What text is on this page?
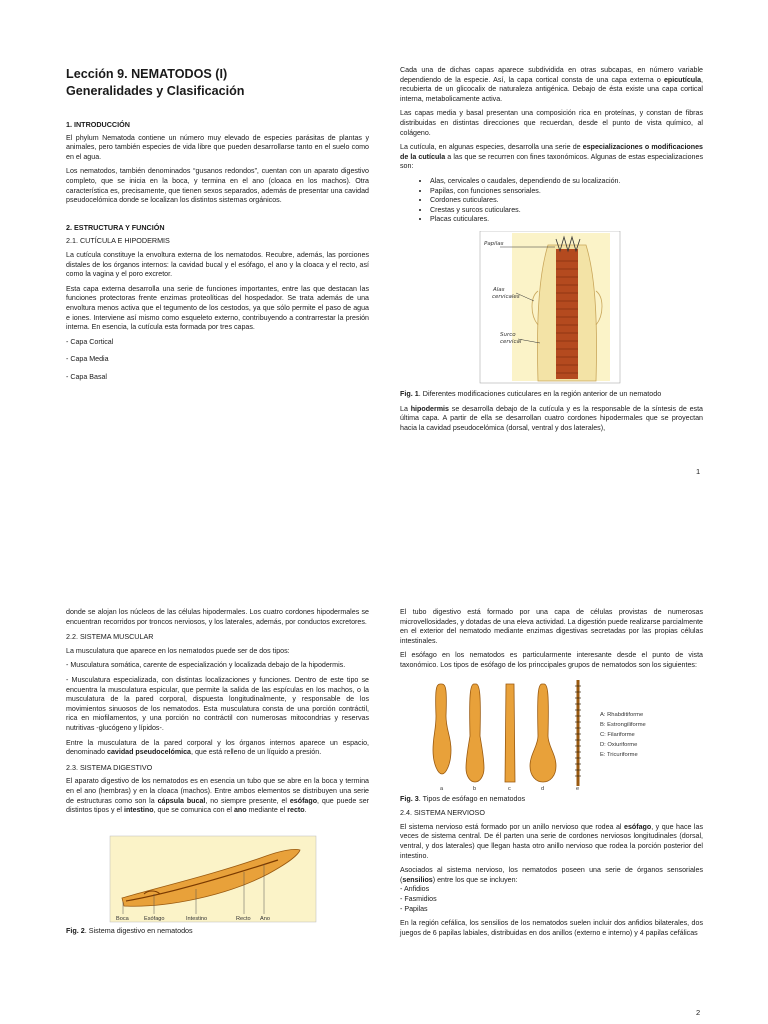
Lección 9. NEMATODOS (I)
Generalidades y Clasificación
1. INTRODUCCIÓN

El phylum Nematoda contiene un número muy elevado de especies parásitas de plantas y animales, pero también especies de vida libre que pueden desarrollarse tanto en el suelo como en el agua.

Los nematodos, también denominados “gusanos redondos”, cuentan con un aparato digestivo completo, que se inicia en la boca, y termina en el ano (cloaca en los machos). Otra característica es, precisamente, que tienen sexos separados, además de presentar una cavidad pseudocelómica donde se localizan los distintos sistemas orgánicos.

2. ESTRUCTURA Y FUNCIÓN
2.1. CUTÍCULA E HIPODERMIS

La cutícula constituye la envoltura externa de los nematodos. Recubre, además, las porciones distales de los órganos internos: la cavidad bucal y el esófago, el ano y la cloaca y el recto, así como la vagina y el poro excretor.

Esta capa externa desarrolla una serie de funciones importantes, entre las que destacan las funciones protectoras frente enzimas proteolíticas del hospedador. Se trata además de una envoltura menos activa que el tegumento de los cestodos, ya que sólo permite el paso de agua e iones. Interviene así mismo como esqueleto externo, contribuyendo a contrarrestar la presión interna. En esencia, la cutícula esta formada por tres capas.

- Capa Cortical

- Capa Media

- Capa Basal

Cada una de dichas capas aparece subdividida en otras subcapas, en número variable dependiendo de la especie. Así, la capa cortical consta de una capa externa o epicutícula, recubierta de un glicocalix de naturaleza antigénica. Debajo de ésta existe una capa cortical interna, metabolicamente activa.

Las capas media y basal presentan una composición rica en proteínas, y constan de fibras distribuidas en distintas direcciones que recuerdan, desde el punto de vista químico, al colágeno.

La cutícula, en algunas especies, desarrolla una serie de especializaciones o modificaciones de la cutícula a las que se recurren con fines taxonómicos. Algunas de estas especializaciones son:

• Alas, cervicales o caudales, dependiendo de su localización.
• Papilas, con funciones sensoriales.
• Cordones cuticulares.
• Crestas y surcos cuticulares.
• Placas cuticulares.
Papilas
Alas
cervicales
Surco
cervical

Fig. 1. Diferentes modificaciones cuticulares en la región anterior de un nematodo

La hipodermis se desarrolla debajo de la cutícula y es la responsable de la síntesis de esta última capa. A partir de ella se desarrollan cuatro cordones hipodermales que se proyectan hacia la cavidad pseudocelómica (dorsal, ventral y dos laterales),

1

donde se alojan los núcleos de las células hipodermales. Los cuatro cordones hipodermales se encuentran recorridos por troncos nerviosos, y los laterales, además, por conductos excretores.

2.2. SISTEMA MUSCULAR

La musculatura que aparece en los nematodos puede ser de dos tipos:

- Musculatura somática, carente de especialización y localizada debajo de la hipodermis.

- Musculatura especializada, con distintas localizaciones y funciones. Dentro de este tipo se encuentra la musculatura espicular, que permite la salida de las espículas en los machos, o la musculatura de la pared corporal, dispuesta longitudinalmente, y responsable de los movimientos sinuosos de los nematodos. Esta musculatura consta de una porción contráctil, rica en miofilamentos, y una porción no contráctil con numerosas mitocondrias y reservas nutritivas -glucógeno y lípidos-.

Entre la musculatura de la pared corporal y los órganos internos aparece un espacio, denominado cavidad pseudocelómica, que está relleno de un líquido a presión.

2.3. SISTEMA DIGESTIVO

El aparato digestivo de los nematodos es en esencia un tubo que se abre en la boca y termina en el ano (hembras) y en la cloaca (machos). Entre ambos elementos se distribuyen una serie de estructuras como son la cápsula bucal, no siempre presente, el esófago, que puede ser distintos tipos y el intestino, que se comunica con el ano mediante el recto.

Boca	Esófago	Intestino	Recto Ano

Fig. 2. Sistema digestivo en nematodos

El tubo digestivo está formado por una capa de células provistas de numerosas microvellosidades, y dotadas de una eleva actividad. La digestión puede realizarse parcialmente en el exterior del nematodo mediante enzimas digestivas secretadas por las propias células intestinales.

El esófago en los nematodos es particularmente interesante desde el punto de vista taxonómico. Los tipos de esófago de los princcipales grupos de nematodos son los siguientes:

a	b	c	d	e
A: Rhabditiforme
B: Estrongiliforme
C: Filariforme
D: Oxiuriforme
E: Tricuriforme

Fig. 3. Tipos de esófago en nematodos

2.4. SISTEMA NERVIOSO

El sistema nervioso está formado por un anillo nervioso que rodea al esófago, y que hace las veces de sistema central. De él parten una serie de cordones nerviosos longitudinales (dorsal, ventral, y dos laterales) que llegan hasta otro anillo nervioso que rodea la porción posterior del intestino.

Asociados al sistema nervioso, los nematodos poseen una serie de órganos sensoriales (sensilios) entre los que se incluyen:

- Anfidios

- Fasmidios

- Papilas

En la región cefálica, los sensilios de los nematodos suelen incluir dos anfidios bilaterales, dos juegos de 6 papilas labiales, distribuidas en dos anillos (externo e interno) y 4 papilas cefálicas

2
